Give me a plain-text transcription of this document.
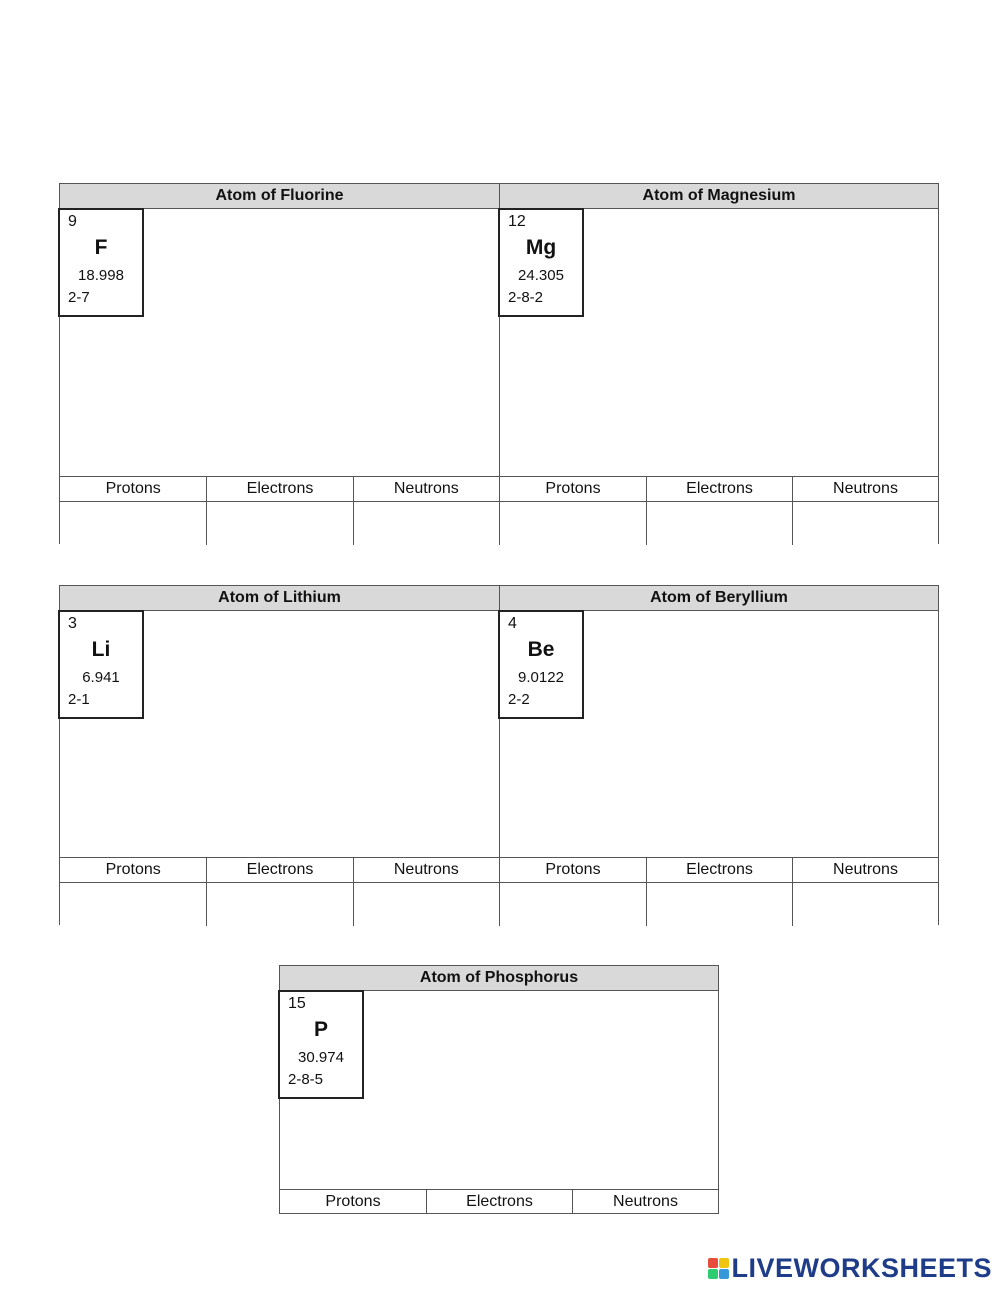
Atom of Fluorine
9
F
18.998
2-7
Protons	Electrons	Neutrons
Atom of Magnesium
12
Mg
24.305
2-8-2
Protons	Electrons	Neutrons
Atom of Lithium
3
Li
6.941
2-1
Protons	Electrons	Neutrons
Atom of Beryllium
4
Be
9.0122
2-2
Protons	Electrons	Neutrons
Atom of Phosphorus
15
P
30.974
2-8-5
Protons	Electrons	Neutrons
LIVEWORKSHEETS
